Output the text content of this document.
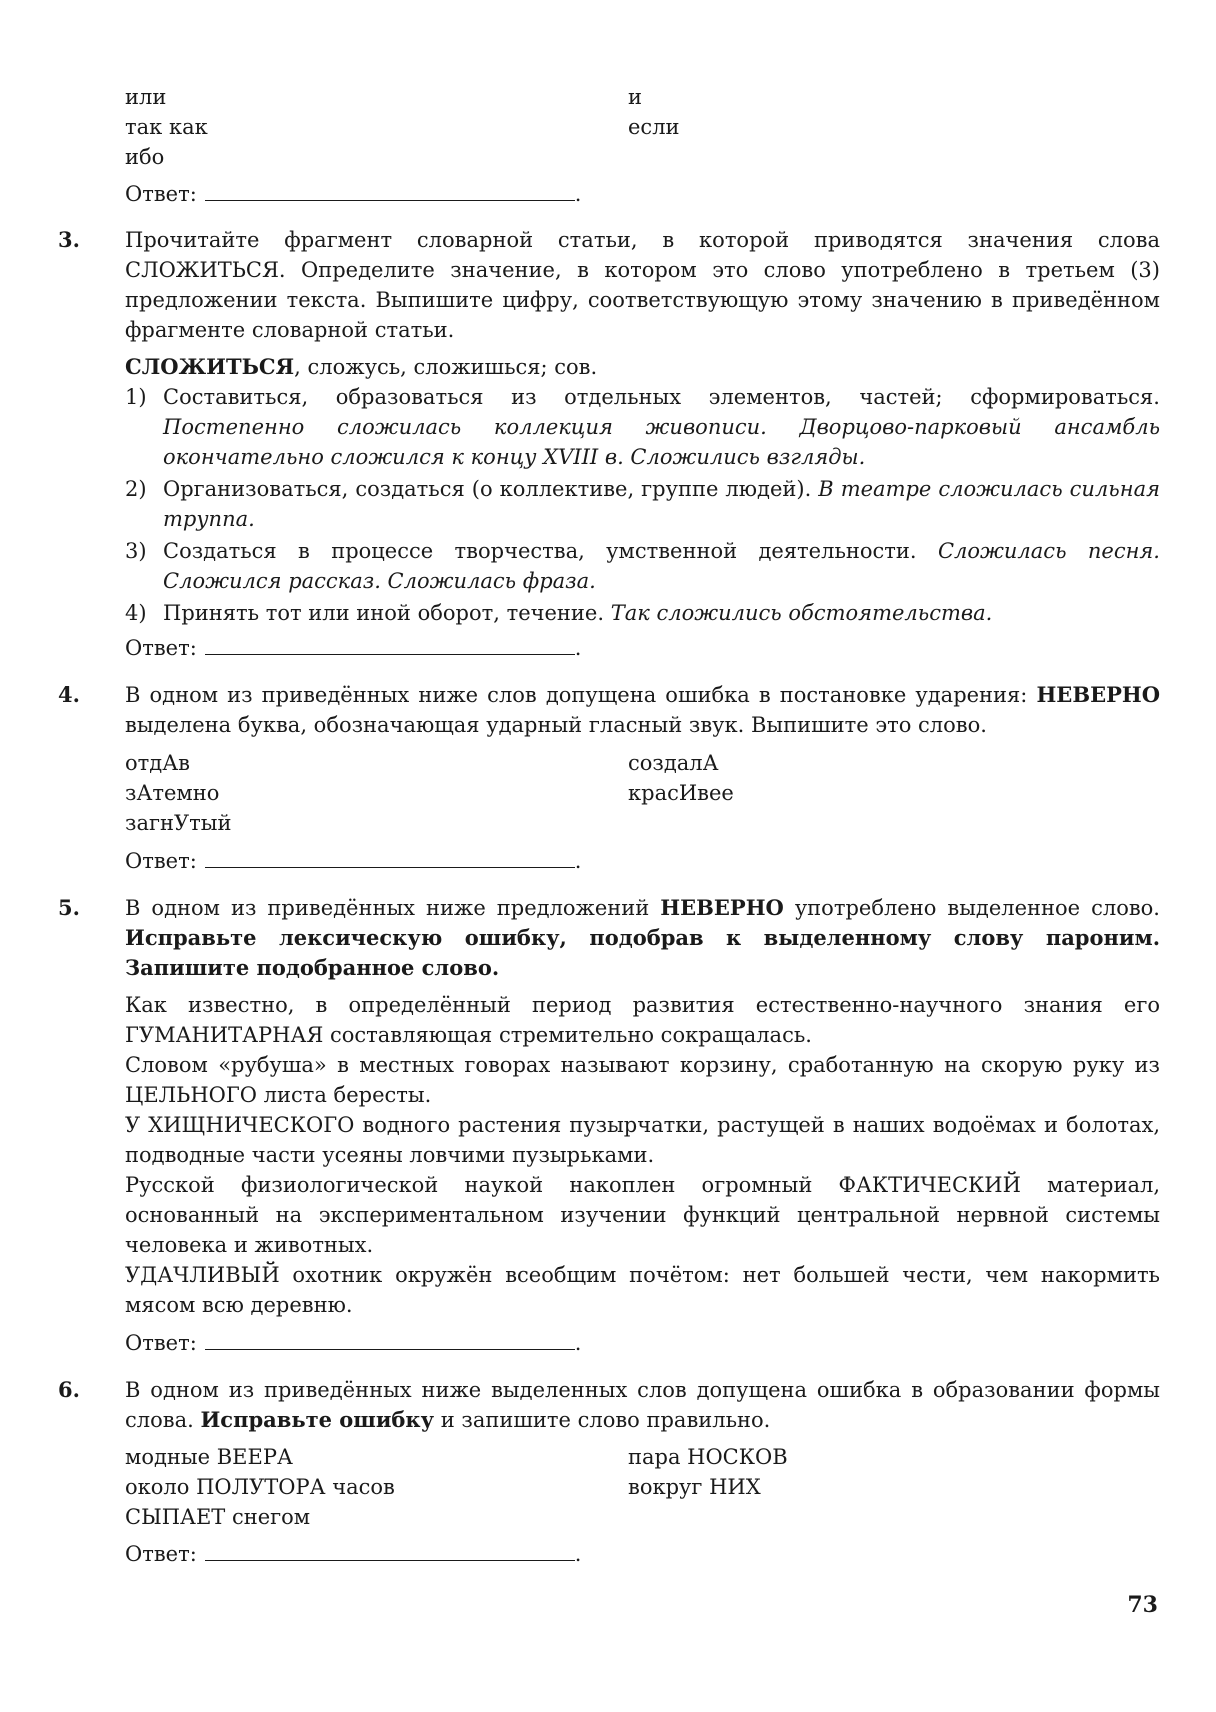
или	и
так как	если
ибо
Ответ:	.
3. Прочитайте фрагмент словарной статьи, в которой приводятся значения слова СЛОЖИТЬСЯ. Определите значение, в котором это слово употреблено в третьем (3) предложении текста. Выпишите цифру, соответствующую этому значению в приведённом фрагменте словарной статьи.
СЛОЖИТЬСЯ, сложусь, сложишься; сов.
1) Составиться, образоваться из отдельных элементов, частей; сформироваться. Постепенно сложилась коллекция живописи. Дворцово-парковый ансамбль окончательно сложился к концу XVIII в. Сложились взгляды.
2) Организоваться, создаться (о коллективе, группе людей). В театре сложилась сильная труппа.
3) Создаться в процессе творчества, умственной деятельности. Сложилась песня. Сложился рассказ. Сложилась фраза.
4) Принять тот или иной оборот, течение. Так сложились обстоятельства.
Ответ:	.
4. В одном из приведённых ниже слов допущена ошибка в постановке ударения: НЕВЕРНО выделена буква, обозначающая ударный гласный звук. Выпишите это слово.
отдАв	создалА
зАтемно	красИвее
загнУтый
Ответ:	.
5. В одном из приведённых ниже предложений НЕВЕРНО употреблено выделенное слово. Исправьте лексическую ошибку, подобрав к выделенному слову пароним. Запишите подобранное слово.

Как известно, в определённый период развития естественно-научного знания его ГУМАНИТАРНАЯ составляющая стремительно сокращалась.

Словом «рубуша» в местных говорах называют корзину, сработанную на скорую руку из ЦЕЛЬНОГО листа бересты.

У ХИЩНИЧЕСКОГО водного растения пузырчатки, растущей в наших водоёмах и болотах, подводные части усеяны ловчими пузырьками.

Русской физиологической наукой накоплен огромный ФАКТИЧЕСКИЙ материал, основанный на экспериментальном изучении функций центральной нервной системы человека и животных.

УДАЧЛИВЫЙ охотник окружён всеобщим почётом: нет большей чести, чем накормить мясом всю деревню.

Ответ:	.
6. В одном из приведённых ниже выделенных слов допущена ошибка в образовании формы слова. Исправьте ошибку и запишите слово правильно.
модные ВЕЕРА	пара НОСКОВ
около ПОЛУТОРА часов	вокруг НИХ
СЫПАЕТ снегом
Ответ:	.
73
